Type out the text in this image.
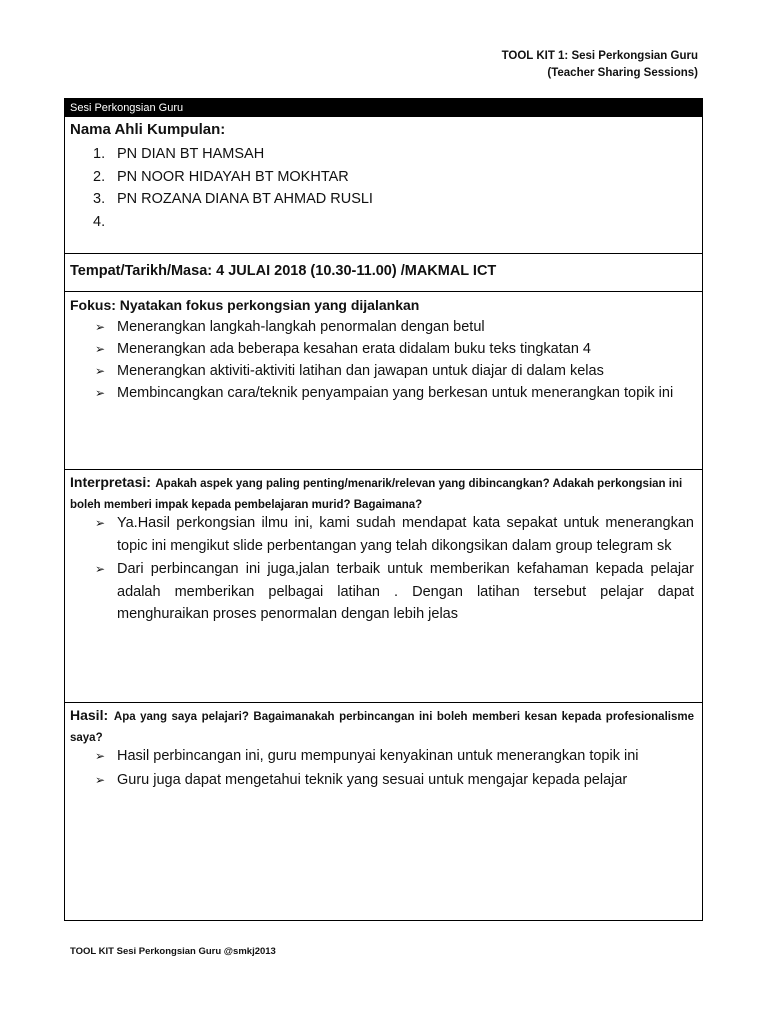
TOOL KIT 1: Sesi Perkongsian Guru
(Teacher Sharing Sessions)
Sesi Perkongsian Guru
Nama Ahli Kumpulan:
1. PN DIAN BT HAMSAH
2. PN NOOR HIDAYAH BT MOKHTAR
3. PN ROZANA DIANA BT AHMAD RUSLI
4.
Tempat/Tarikh/Masa: 4 JULAI 2018 (10.30-11.00) /MAKMAL ICT
Fokus: Nyatakan fokus perkongsian yang dijalankan
➢ Menerangkan langkah-langkah penormalan dengan betul
➢ Menerangkan ada beberapa kesahan erata didalam buku teks tingkatan 4
➢ Menerangkan aktiviti-aktiviti latihan dan jawapan untuk diajar di dalam kelas
➢ Membincangkan cara/teknik penyampaian yang berkesan untuk menerangkan topik ini
Interpretasi: Apakah aspek yang paling penting/menarik/relevan yang dibincangkan? Adakah perkongsian ini boleh memberi impak kepada pembelajaran murid? Bagaimana?
➢ Ya.Hasil perkongsian ilmu ini, kami sudah mendapat kata sepakat untuk menerangkan topic ini mengikut slide perbentangan yang telah dikongsikan dalam group telegram sk
➢ Dari perbincangan ini juga,jalan terbaik untuk memberikan kefahaman kepada pelajar adalah memberikan pelbagai latihan . Dengan latihan tersebut pelajar dapat menghuraikan proses penormalan dengan lebih jelas
Hasil: Apa yang saya pelajari? Bagaimanakah perbincangan ini boleh memberi kesan kepada profesionalisme saya?
➢ Hasil perbincangan ini, guru mempunyai kenyakinan untuk menerangkan topik ini
➢ Guru juga dapat mengetahui teknik yang sesuai untuk mengajar kepada pelajar
TOOL KIT Sesi Perkongsian Guru @smkj2013
